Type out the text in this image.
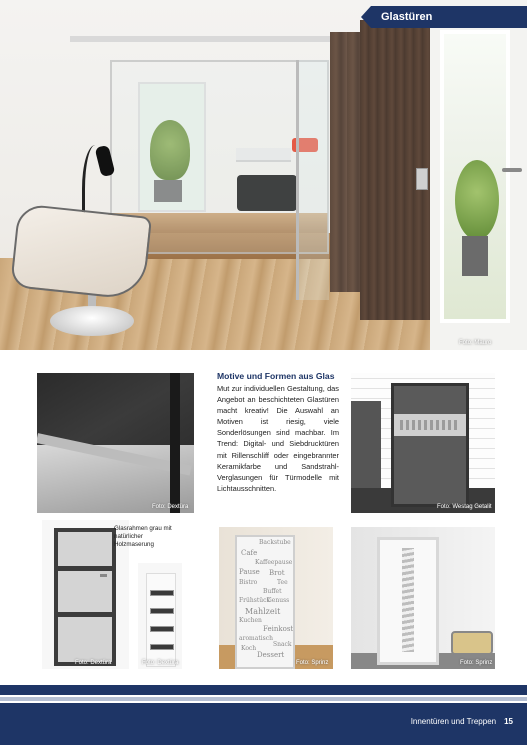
Glastüren
Foto: Mauro
Foto: Dextüra
Motive und Formen aus Glas
Mut zur individuellen Gestaltung, das Angebot an beschichteten Glastüren macht kreativ! Die Auswahl an Motiven ist riesig, viele Sonderlösungen sind machbar. Im Trend: Digital- und Siebdrucktüren mit Rillenschliff oder eingebrannter Keramikfarbe und Sandstrahl-Verglasungen für Türmodelle mit Lichtausschnitten.
Glasrahmen grau mit natürlicher Holzmaserung
Foto: Dextüra	Foto: Dextüra
Backstube
Cafe
Kaffeepause
Pause Brot
Tee
Buffet
Frühstück
Mahlzeit
Kuchen
Feinkost
Dessert
aromatisch
Snack
Genuss
Bistro
Koch
Foto: Sprinz
Foto: Westag Getalit
Foto: Sprinz
Innentüren und Treppen 15
